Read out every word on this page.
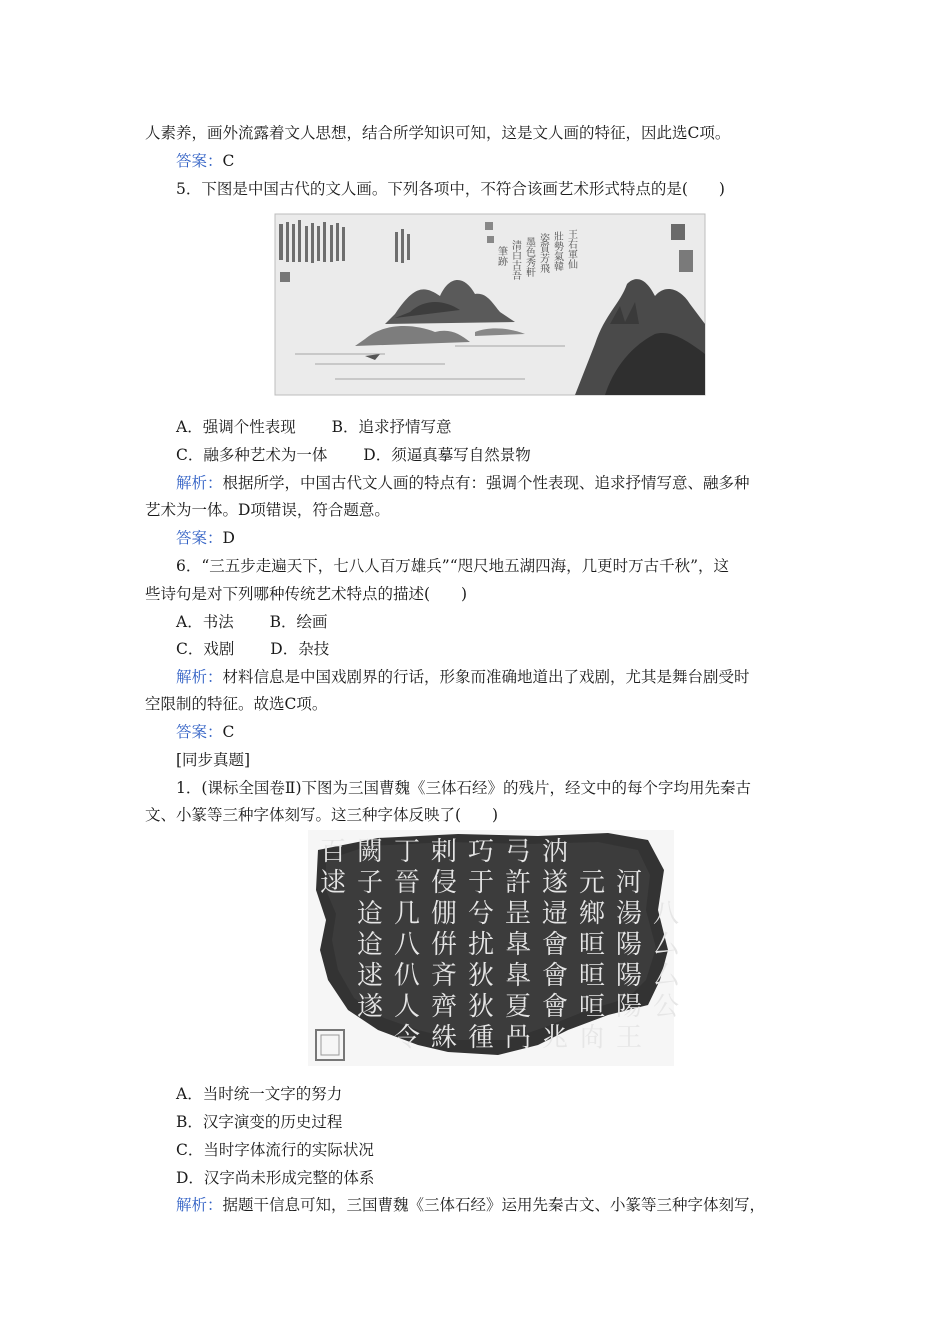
人素养，画外流露着文人思想，结合所学知识可知，这是文人画的特征，因此选C项。
答案：C
5．下图是中国古代的文人画。下列各项中，不符合该画艺术形式特点的是(　　)
王右軍仙
壯勢氣韓
姿質芳飛
墨色秀軒
清白古吾
筆跡
A．强调个性表现　　 B．追求抒情写意
C．融多种艺术为一体　　 D．须逼真摹写自然景物
解析：根据所学，中国古代文人画的特点有：强调个性表现、追求抒情写意、融多种
艺术为一体。D项错误，符合题意。
答案：D
6．“三五步走遍天下，七八人百万雄兵”“咫尺地五湖四海，几更时万古千秋”，这
些诗句是对下列哪种传统艺术特点的描述(　　)
A．书法　　 B．绘画
C．戏剧　　 D．杂技
解析：材料信息是中国戏剧界的行话，形象而准确地道出了戏剧，尤其是舞台剧受时
空限制的特征。故选C项。
答案：C
[同步真题]
1．(课标全国卷Ⅱ)下图为三国曹魏《三体石经》的残片，经文中的每个字均用先秦古
文、小篆等三种字体刻写。这三种字体反映了(　　)
百 闕 丁 剌 巧 弓 汭
逑 子 晉 侵 于 許 遂 元 河
䢔 几 倗 兮 昰 䢜 鄉 湯 八
䢔 八 倂 扰 臯 會 晅 陽 厶
逑 仈 斉 狄 臯 會 晅 陽 厶
遂 人 齊 狄 夏 會 咺 陽 公
令 絑 㣫 冎 兆 㕯 王
A．当时统一文字的努力
B．汉字演变的历史过程
C．当时字体流行的实际状况
D．汉字尚未形成完整的体系
解析：据题干信息可知，三国曹魏《三体石经》运用先秦古文、小篆等三种字体刻写，
